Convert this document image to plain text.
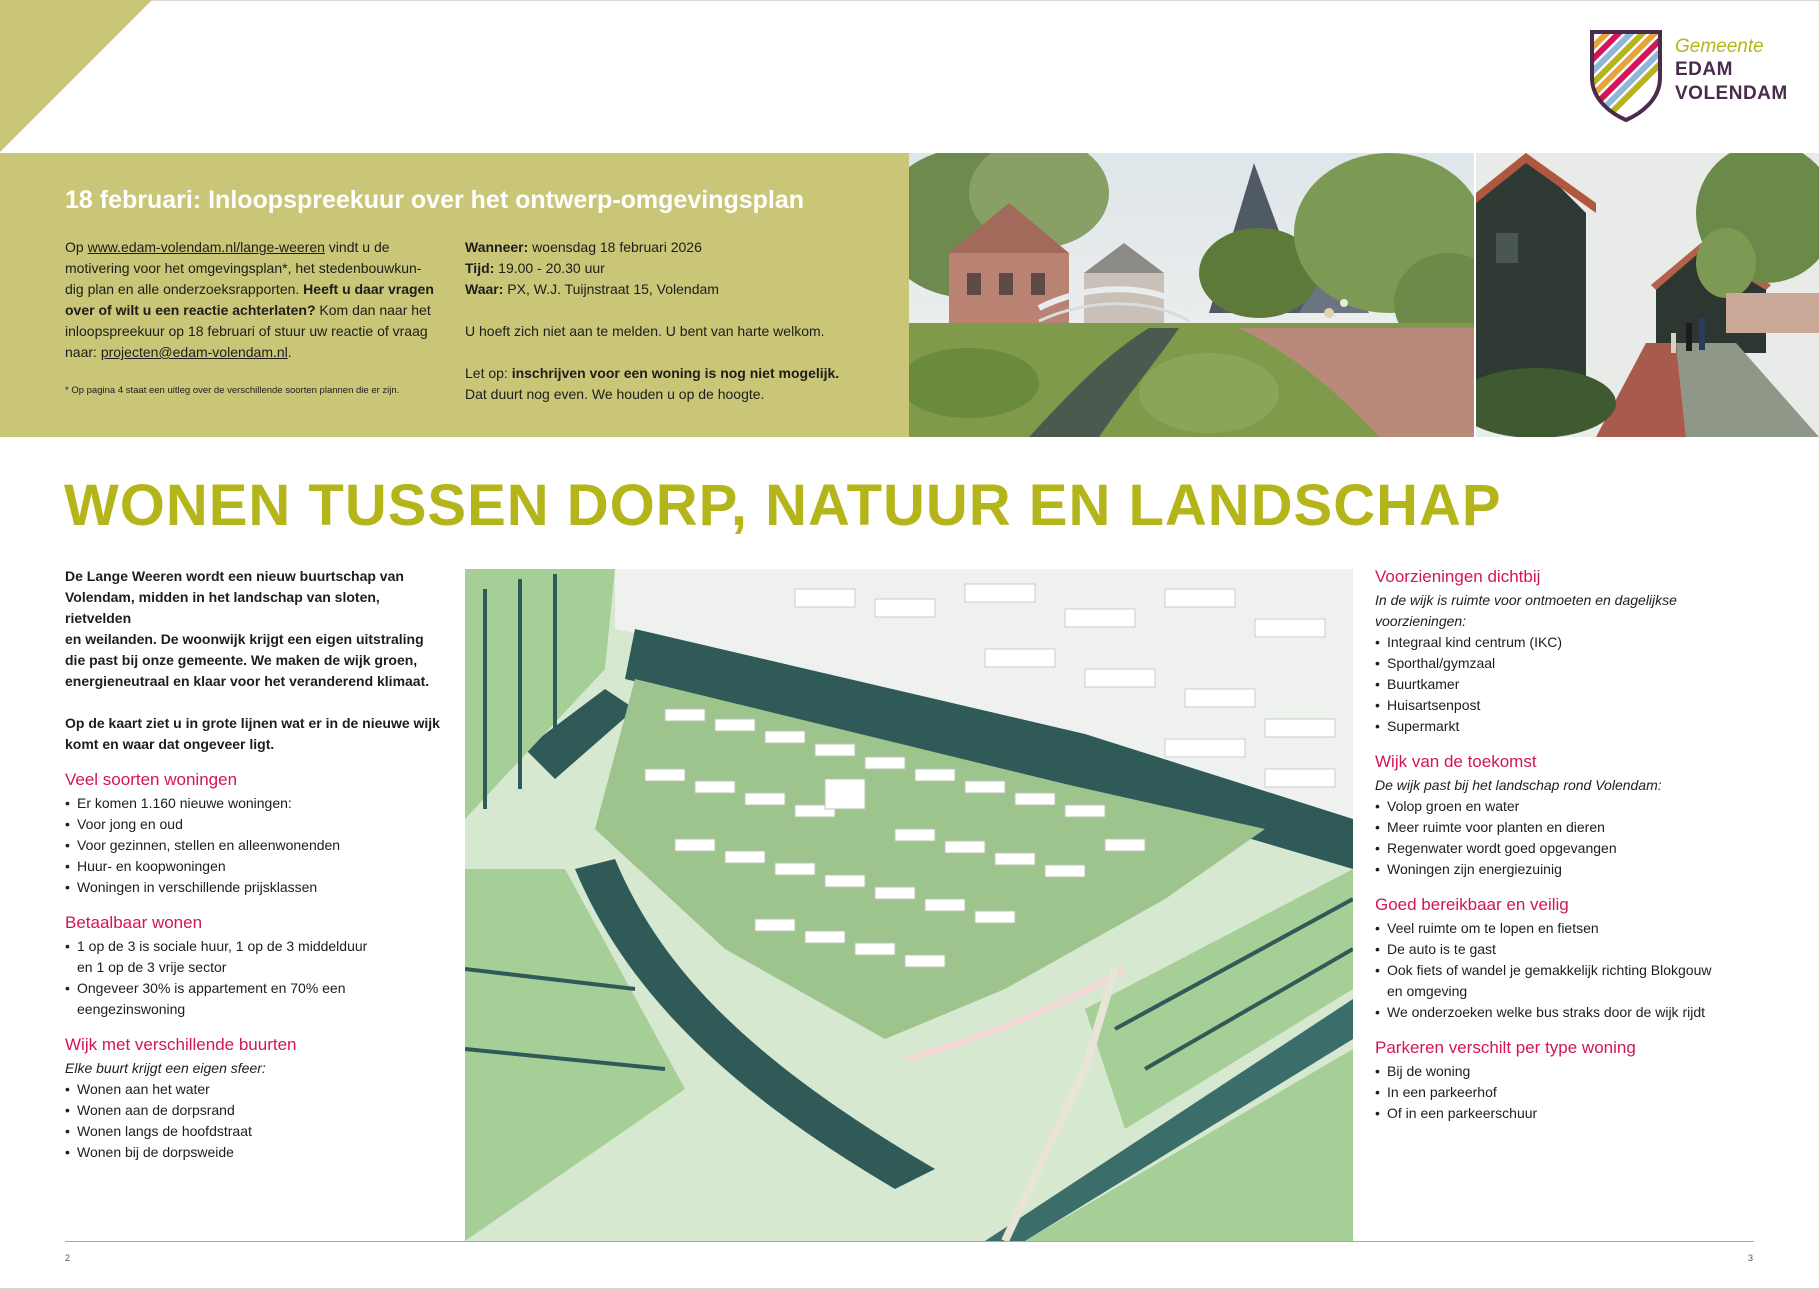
Gemeente
EDAM
VOLENDAM
18 februari: Inloopspreekuur over het ontwerp-omgevingsplan
Op www.edam-volendam.nl/lange-weeren vindt u de
motivering voor het omgevingsplan*, het stedenbouwkun-
dig plan en alle onderzoeksrapporten. Heeft u daar vragen
over of wilt u een reactie achterlaten? Kom dan naar het
inloopspreekuur op 18 februari of stuur uw reactie of vraag
naar: projecten@edam-volendam.nl.
* Op pagina 4 staat een uitleg over de verschillende soorten plannen die er zijn.
Wanneer: woensdag 18 februari 2026
Tijd: 19.00 - 20.30 uur
Waar: PX, W.J. Tuijnstraat 15, Volendam
U hoeft zich niet aan te melden. U bent van harte welkom.
Let op: inschrijven voor een woning is nog niet mogelijk.
Dat duurt nog even. We houden u op de hoogte.
WONEN TUSSEN DORP, NATUUR EN LANDSCHAP

De Lange Weeren wordt een nieuw buurtschap van
Volendam, midden in het landschap van sloten, rietvelden
en weilanden. De woonwijk krijgt een eigen uitstraling
die past bij onze gemeente. We maken de wijk groen,
energieneutraal en klaar voor het veranderend klimaat.

Op de kaart ziet u in grote lijnen wat er in de nieuwe wijk
komt en waar dat ongeveer ligt.

Veel soorten woningen
• Er komen 1.160 nieuwe woningen:
• Voor jong en oud
• Voor gezinnen, stellen en alleenwonenden
• Huur- en koopwoningen
• Woningen in verschillende prijsklassen
Betaalbaar wonen
• 1 op de 3 is sociale huur, 1 op de 3 middelduur
en 1 op de 3 vrije sector
• Ongeveer 30% is appartement en 70% een
eengezinswoning
Wijk met verschillende buurten

Elke buurt krijgt een eigen sfeer:

• Wonen aan het water
• Wonen aan de dorpsrand
• Wonen langs de hoofdstraat
• Wonen bij de dorpsweide
Voorzieningen dichtbij

In de wijk is ruimte voor ontmoeten en dagelijkse
voorzieningen:

• Integraal kind centrum (IKC)
• Sporthal/gymzaal
• Buurtkamer
• Huisartsenpost
• Supermarkt
Wijk van de toekomst

De wijk past bij het landschap rond Volendam:

• Volop groen en water
• Meer ruimte voor planten en dieren
• Regenwater wordt goed opgevangen
• Woningen zijn energiezuinig
Goed bereikbaar en veilig
• Veel ruimte om te lopen en fietsen
• De auto is te gast
• Ook fiets of wandel je gemakkelijk richting Blokgouw
en omgeving
• We onderzoeken welke bus straks door de wijk rijdt
Parkeren verschilt per type woning
• Bij de woning
• In een parkeerhof
• Of in een parkeerschuur
2	3
